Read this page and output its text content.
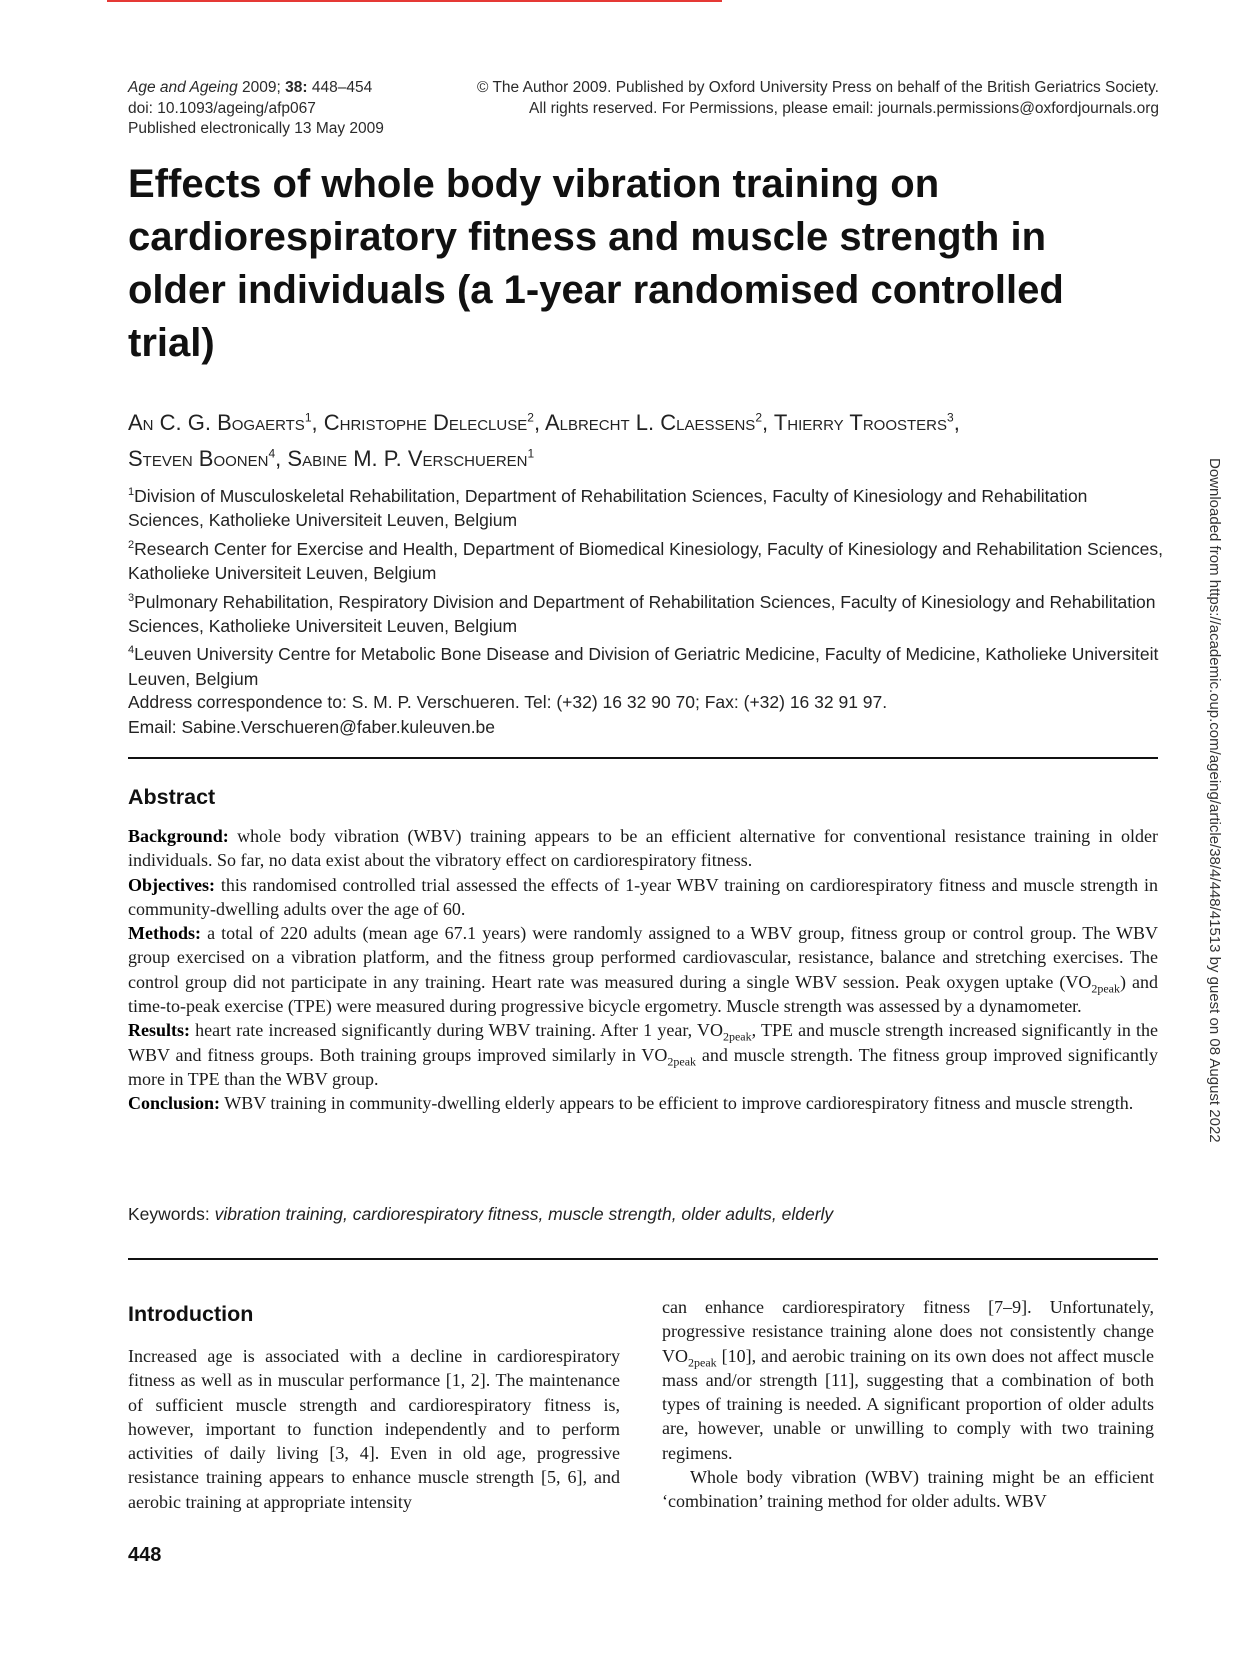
Age and Ageing 2009; 38: 448–454
doi: 10.1093/ageing/afp067
Published electronically 13 May 2009
© The Author 2009. Published by Oxford University Press on behalf of the British Geriatrics Society.
All rights reserved. For Permissions, please email: journals.permissions@oxfordjournals.org
Effects of whole body vibration training on cardiorespiratory fitness and muscle strength in older individuals (a 1-year randomised controlled trial)
An C. G. Bogaerts$^1$, Christophe Delecluse$^2$, Albrecht L. Claessens$^2$, Thierry Troosters$^3$,
Steven Boonen$^4$, Sabine M. P. Verschueren$^1$
$^1$Division of Musculoskeletal Rehabilitation, Department of Rehabilitation Sciences, Faculty of Kinesiology and Rehabilitation Sciences, Katholieke Universiteit Leuven, Belgium
$^2$Research Center for Exercise and Health, Department of Biomedical Kinesiology, Faculty of Kinesiology and Rehabilitation Sciences, Katholieke Universiteit Leuven, Belgium
$^3$Pulmonary Rehabilitation, Respiratory Division and Department of Rehabilitation Sciences, Faculty of Kinesiology and Rehabilitation Sciences, Katholieke Universiteit Leuven, Belgium
$^4$Leuven University Centre for Metabolic Bone Disease and Division of Geriatric Medicine, Faculty of Medicine, Katholieke Universiteit Leuven, Belgium
Address correspondence to: S. M. P. Verschueren. Tel: (+32) 16 32 90 70; Fax: (+32) 16 32 91 97.
Email: Sabine.Verschueren@faber.kuleuven.be
Abstract

Background: whole body vibration (WBV) training appears to be an efficient alternative for conventional resistance training in older individuals. So far, no data exist about the vibratory effect on cardiorespiratory fitness.

Objectives: this randomised controlled trial assessed the effects of 1-year WBV training on cardiorespiratory fitness and muscle strength in community-dwelling adults over the age of 60.

Methods: a total of 220 adults (mean age 67.1 years) were randomly assigned to a WBV group, fitness group or control group. The WBV group exercised on a vibration platform, and the fitness group performed cardiovascular, resistance, balance and stretching exercises. The control group did not participate in any training. Heart rate was measured during a single WBV session. Peak oxygen uptake $(VO_{2peak})$ and time-to-peak exercise (TPE) were measured during progressive bicycle ergometry. Muscle strength was assessed by a dynamometer.

Results: heart rate increased significantly during WBV training. After 1 year, $VO_{2peak}$, TPE and muscle strength increased significantly in the WBV and fitness groups. Both training groups improved similarly in $VO_{2peak}$ and muscle strength. The fitness group improved significantly more in TPE than the WBV group.

Conclusion: WBV training in community-dwelling elderly appears to be efficient to improve cardiorespiratory fitness and muscle strength.

Keywords: vibration training, cardiorespiratory fitness, muscle strength, older adults, elderly
Introduction

Increased age is associated with a decline in cardiorespiratory fitness as well as in muscular performance [1, 2]. The maintenance of sufficient muscle strength and cardiorespiratory fitness is, however, important to function independently and to perform activities of daily living [3, 4]. Even in old age, progressive resistance training appears to enhance muscle strength [5, 6], and aerobic training at appropriate intensity

can enhance cardiorespiratory fitness [7–9]. Unfortunately, progressive resistance training alone does not consistently change $VO_{2peak}$ [10], and aerobic training on its own does not affect muscle mass and/or strength [11], suggesting that a combination of both types of training is needed. A significant proportion of older adults are, however, unable or unwilling to comply with two training regimens.

Whole body vibration (WBV) training might be an efficient ‘combination’ training method for older adults. WBV

448
Downloaded from https://academic.oup.com/ageing/article/38/4/448/41513 by guest on 08 August 2022
